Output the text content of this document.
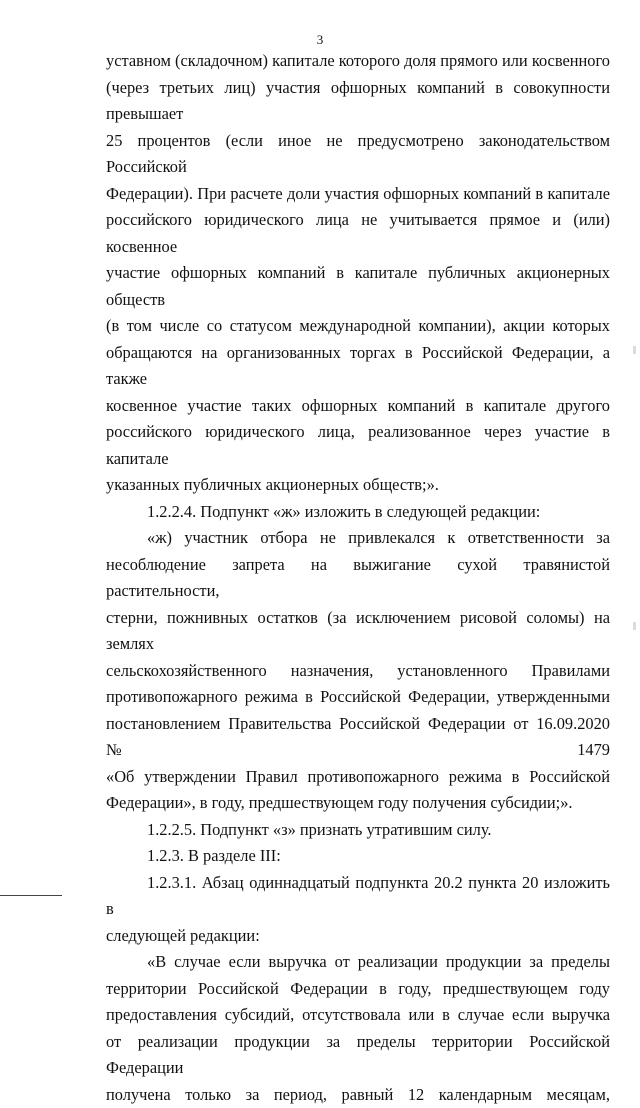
3

уставном (складочном) капитале которого доля прямого или косвенного

(через третьих лиц) участия офшорных компаний в совокупности превышает

25 процентов (если иное не предусмотрено законодательством Российской

Федерации). При расчете доли участия офшорных компаний в капитале

российского юридического лица не учитывается прямое и (или) косвенное

участие офшорных компаний в капитале публичных акционерных обществ

(в том числе со статусом международной компании), акции которых

обращаются на организованных торгах в Российской Федерации, а также

косвенное участие таких офшорных компаний в капитале другого

российского юридического лица, реализованное через участие в капитале

указанных публичных акционерных обществ;».

1.2.2.4. Подпункт «ж» изложить в следующей редакции:

«ж) участник отбора не привлекался к ответственности за

несоблюдение запрета на выжигание сухой травянистой растительности,

стерни, пожнивных остатков (за исключением рисовой соломы) на землях

сельскохозяйственного назначения, установленного Правилами

противопожарного режима в Российской Федерации, утвержденными

постановлением Правительства Российской Федерации от 16.09.2020 № 1479

«Об утверждении Правил противопожарного режима в Российской

Федерации», в году, предшествующем году получения субсидии;».

1.2.2.5. Подпункт «з» признать утратившим силу.

1.2.3. В разделе III:

1.2.3.1. Абзац одиннадцатый подпункта 20.2 пункта 20 изложить в

следующей редакции:

«В случае если выручка от реализации продукции за пределы

территории Российской Федерации в году, предшествующем году

предоставления субсидий, отсутствовала или в случае если выручка

от реализации продукции за пределы территории Российской Федерации

получена только за период, равный 12 календарным месяцам,
